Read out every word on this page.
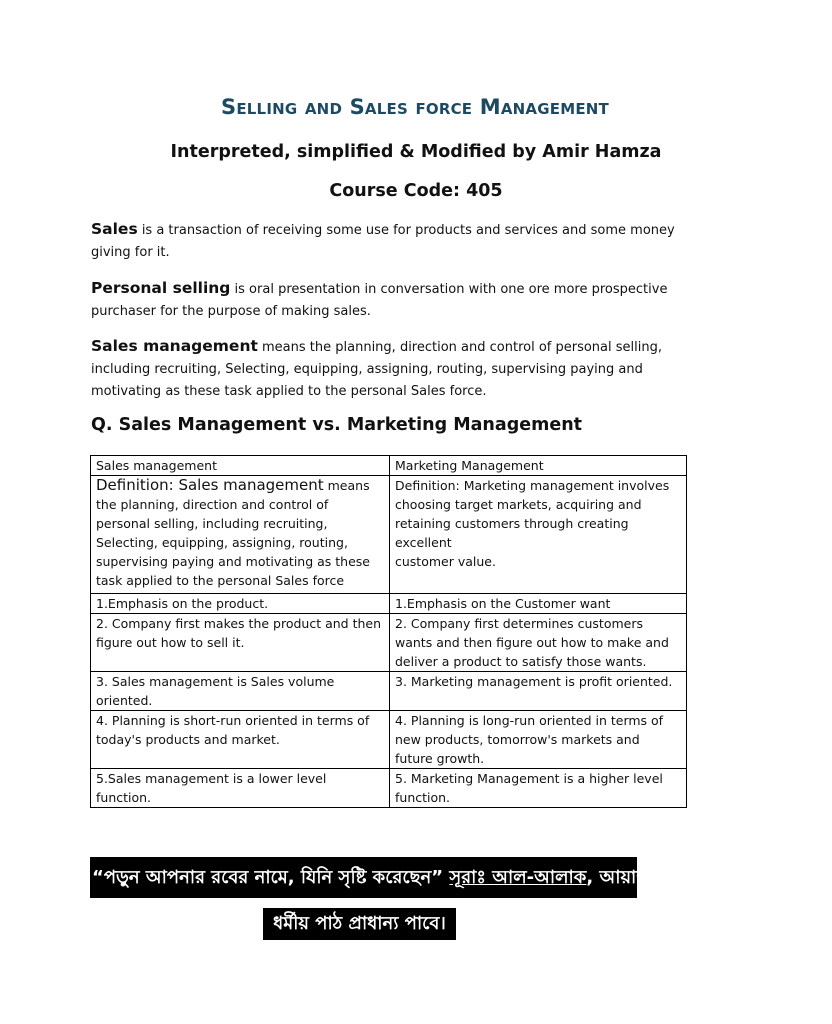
Selling and Sales force Management
Interpreted, simplified & Modified by Amir Hamza
Course Code: 405
Sales is a transaction of receiving some use for products and services and some money giving for it.
Personal selling is oral presentation in conversation with one ore more prospective purchaser for the purpose of making sales.
Sales management means the planning, direction and control of personal selling, including recruiting, Selecting, equipping, assigning, routing, supervising paying and motivating as these task applied to the personal Sales force.
Q. Sales Management vs. Marketing Management
Sales management	Marketing Management
Definition: Sales management means the planning, direction and control of personal selling, including recruiting, Selecting, equipping, assigning, routing, supervising paying and motivating as these task applied to the personal Sales force	Definition: Marketing management involves choosing target markets, acquiring and retaining customers through creating excellent
customer value.
1.Emphasis on the product.	1.Emphasis on the Customer want
2. Company first makes the product and then figure out how to sell it.	2. Company first determines customers wants and then figure out how to make and deliver a product to satisfy those wants.
3. Sales management is Sales volume oriented.	3. Marketing management is profit oriented.
4. Planning is short-run oriented in terms of today's products and market.	4. Planning is long-run oriented in terms of new products, tomorrow's markets and future growth.
5.Sales management is a lower level function.	5. Marketing Management is a higher level function.
“পড়ুন আপনার রবের নামে, যিনি সৃষ্টি করেছেন” সূরাঃ আল-আলাক, আয়াত ১
ধর্মীয় পাঠ প্রাধান্য পাবে।
